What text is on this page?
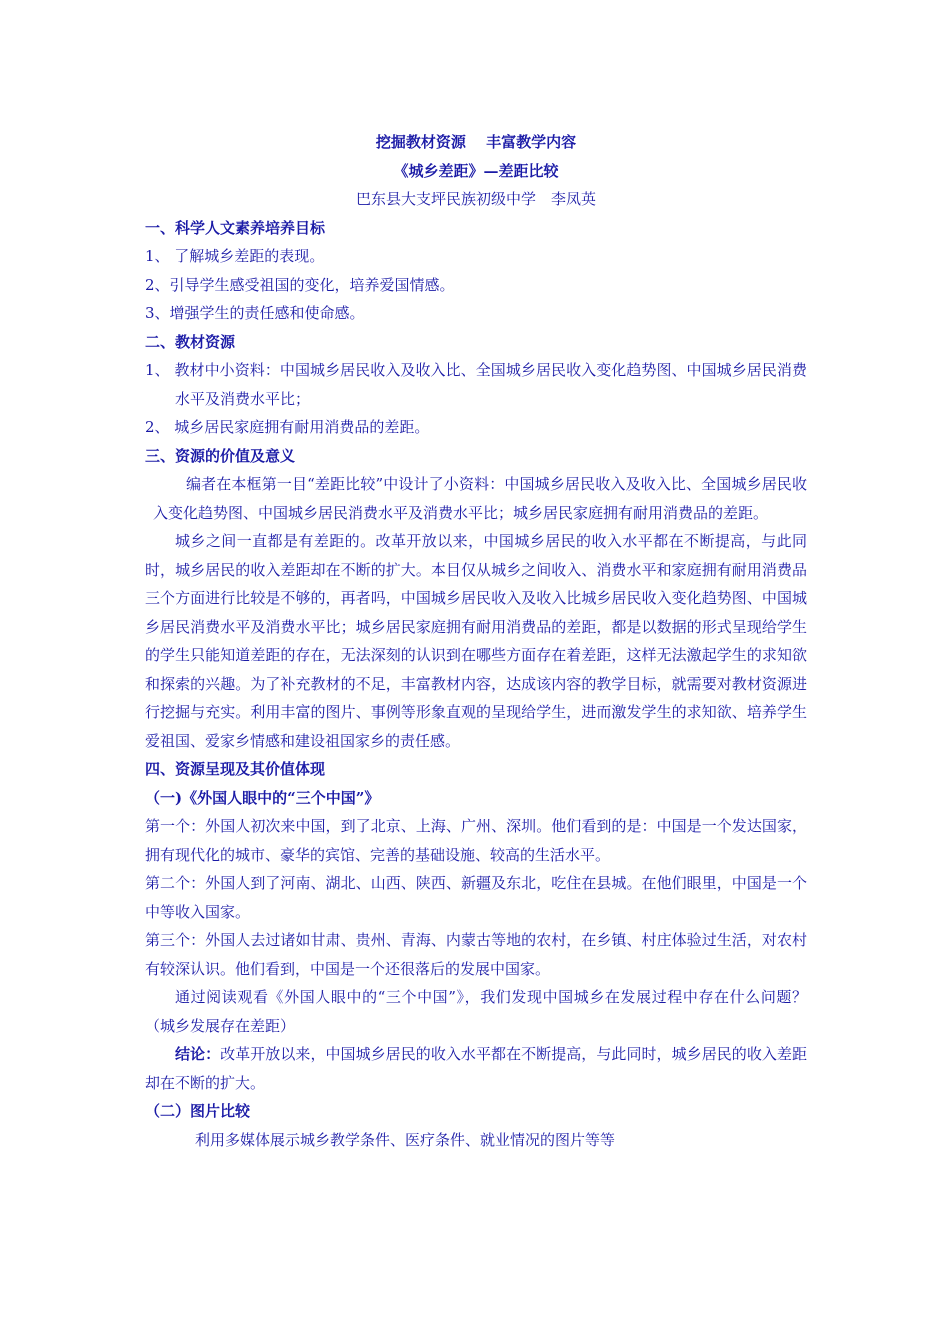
挖掘教材资源　 丰富教学内容

《城乡差距》—差距比较

巴东县大支坪民族初级中学　李凤英

一、科学人文素养培养目标

1、 了解城乡差距的表现。

2、引导学生感受祖国的变化，培养爱国情感。

3、增强学生的责任感和使命感。

二、教材资源

1、 教材中小资料：中国城乡居民收入及收入比、全国城乡居民收入变化趋势图、中国城乡居民消费水平及消费水平比；

2、 城乡居民家庭拥有耐用消费品的差距。

三、资源的价值及意义

编者在本框第一目“差距比较”中设计了小资料：中国城乡居民收入及收入比、全国城乡居民收入变化趋势图、中国城乡居民消费水平及消费水平比；城乡居民家庭拥有耐用消费品的差距。

城乡之间一直都是有差距的。改革开放以来，中国城乡居民的收入水平都在不断提高，与此同时，城乡居民的收入差距却在不断的扩大。本目仅从城乡之间收入、消费水平和家庭拥有耐用消费品三个方面进行比较是不够的，再者吗，中国城乡居民收入及收入比城乡居民收入变化趋势图、中国城乡居民消费水平及消费水平比；城乡居民家庭拥有耐用消费品的差距，都是以数据的形式呈现给学生的学生只能知道差距的存在，无法深刻的认识到在哪些方面存在着差距，这样无法激起学生的求知欲和探索的兴趣。为了补充教材的不足，丰富教材内容，达成该内容的教学目标，就需要对教材资源进行挖掘与充实。利用丰富的图片、事例等形象直观的呈现给学生，进而激发学生的求知欲、培养学生爱祖国、爱家乡情感和建设祖国家乡的责任感。

四、资源呈现及其价值体现

（一)《外国人眼中的“三个中国”》

第一个：外国人初次来中国，到了北京、上海、广州、深圳。他们看到的是：中国是一个发达国家，拥有现代化的城市、豪华的宾馆、完善的基础设施、较高的生活水平。

第二个：外国人到了河南、湖北、山西、陕西、新疆及东北，吃住在县城。在他们眼里，中国是一个中等收入国家。

第三个：外国人去过诸如甘肃、贵州、青海、内蒙古等地的农村，在乡镇、村庄体验过生活，对农村有较深认识。他们看到，中国是一个还很落后的发展中国家。

通过阅读观看《外国人眼中的“三个中国”》，我们发现中国城乡在发展过程中存在什么问题？（城乡发展存在差距）

结论：改革开放以来，中国城乡居民的收入水平都在不断提高，与此同时，城乡居民的收入差距却在不断的扩大。

（二）图片比较

利用多媒体展示城乡教学条件、医疗条件、就业情况的图片等等
